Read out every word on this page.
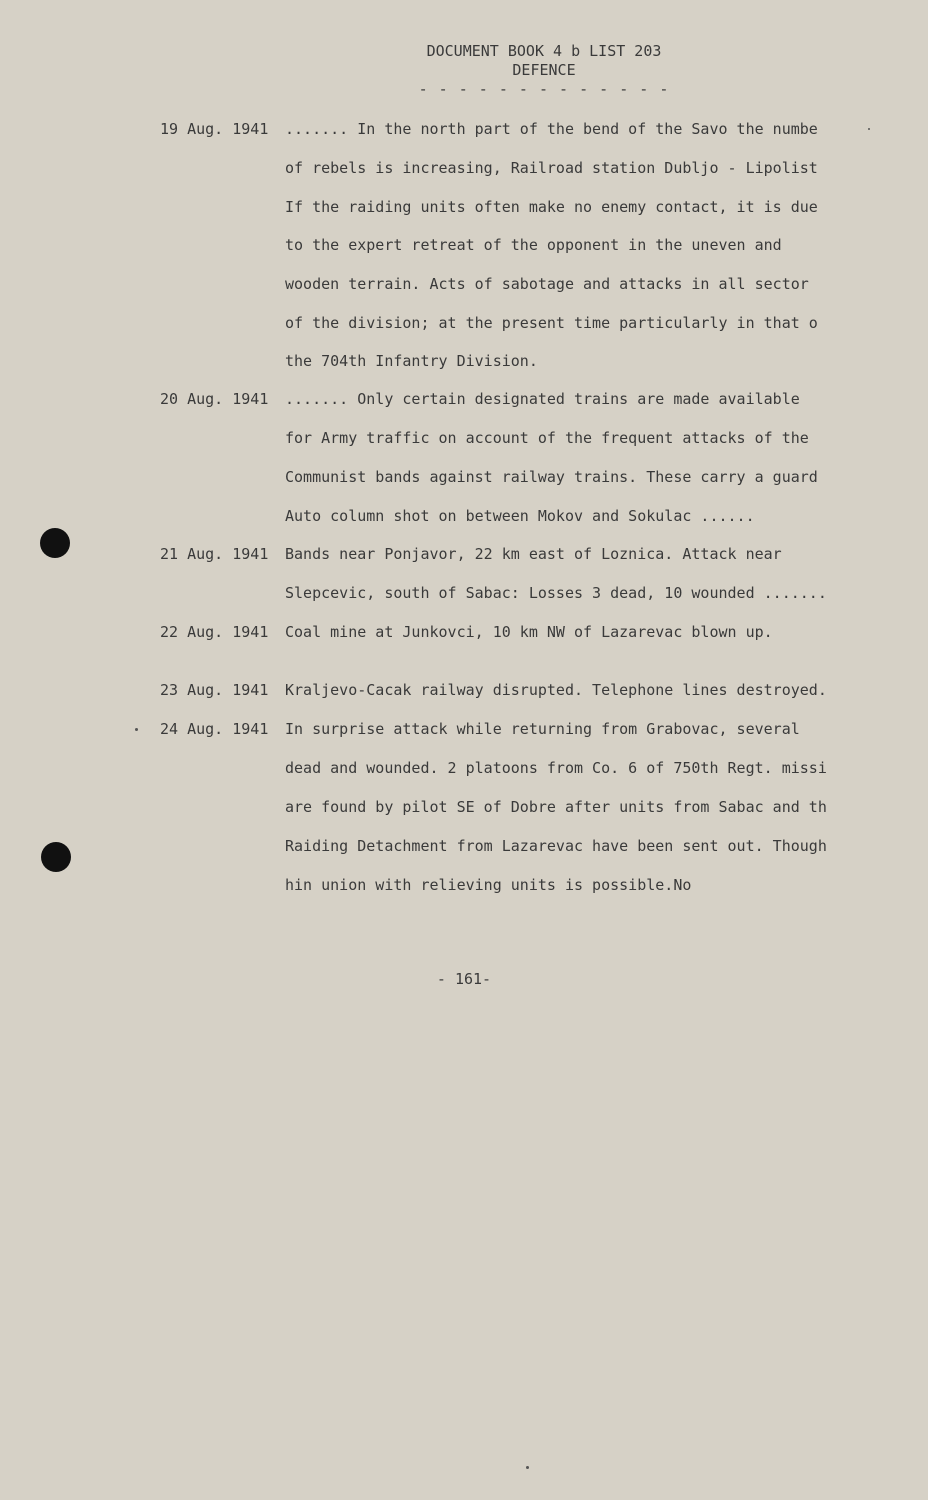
DOCUMENT BOOK 4 b LIST 203
DEFENCE
- - - - - - - - - - - - -
19 Aug. 1941	....... In the north part of the bend of the Savo the numbe
of rebels is increasing, Railroad station Dubljo - Lipolist
If the raiding units often make no enemy contact, it is due
to the expert retreat of the opponent in the uneven and
wooden terrain. Acts of sabotage and attacks in all sector
of the division; at the present time particularly in that o
the 704th Infantry Division.
20 Aug. 1941	....... Only certain designated trains are made available
for Army traffic on account of the frequent attacks of the
Communist bands against railway trains. These carry a guard
Auto column shot on between Mokov and Sokulac ......
21 Aug. 1941	Bands near Ponjavor, 22 km east of Loznica. Attack near
Slepcevic, south of Sabac: Losses 3 dead, 10 wounded .......
22 Aug. 1941	Coal mine at Junkovci, 10 km NW of Lazarevac blown up.
23 Aug. 1941	Kraljevo-Cacak railway disrupted. Telephone lines destroyed.
24 Aug. 1941	In surprise attack while returning from Grabovac, several
dead and wounded. 2 platoons from Co. 6 of 750th Regt. missi
are found by pilot SE of Dobre after units from Sabac and th
Raiding Detachment from Lazarevac have been sent out. Though
hin union with relieving units is possible.No
- 161-
